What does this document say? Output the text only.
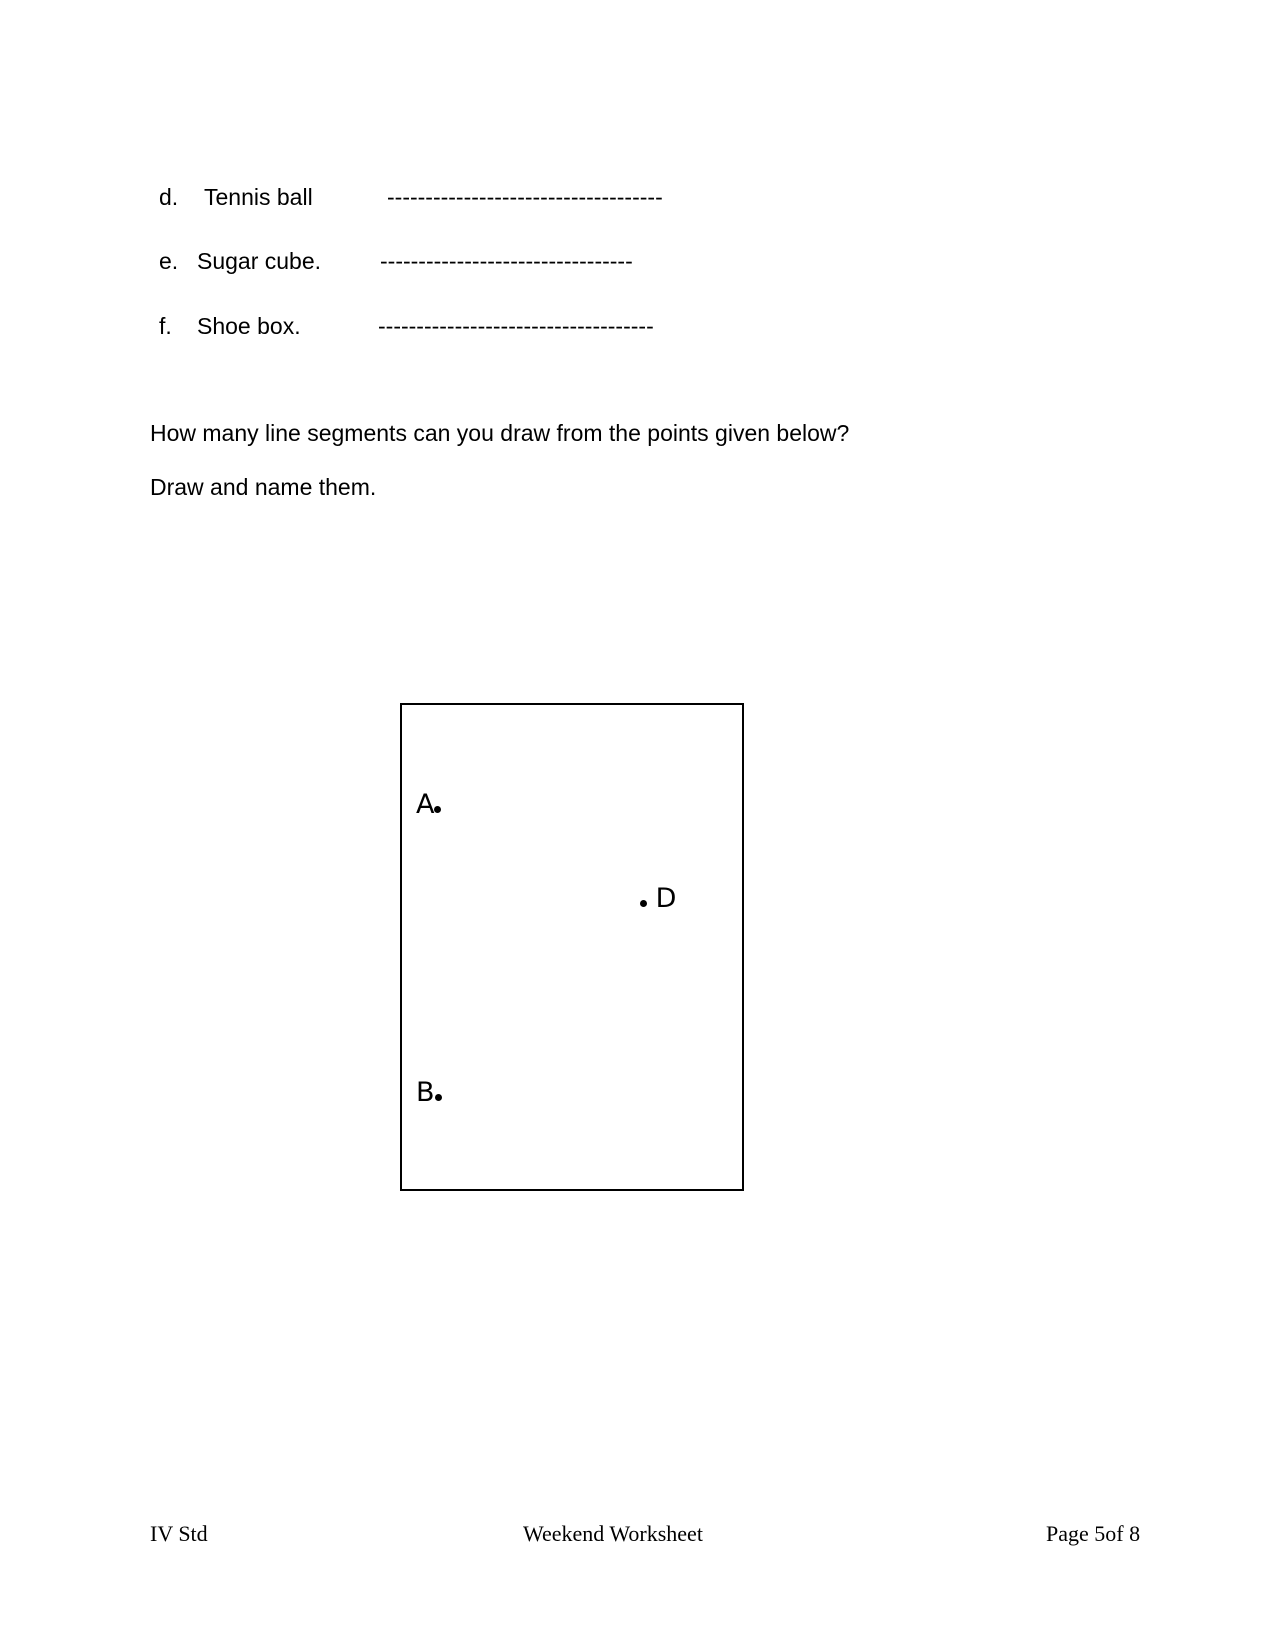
d. Tennis ball	------------------------------------
e. Sugar cube.	---------------------------------
f. Shoe box.	------------------------------------
How many line segments can you draw from the points given below?
Draw and name them.
A
D
B
IV Std	Weekend Worksheet	Page 5of 8
